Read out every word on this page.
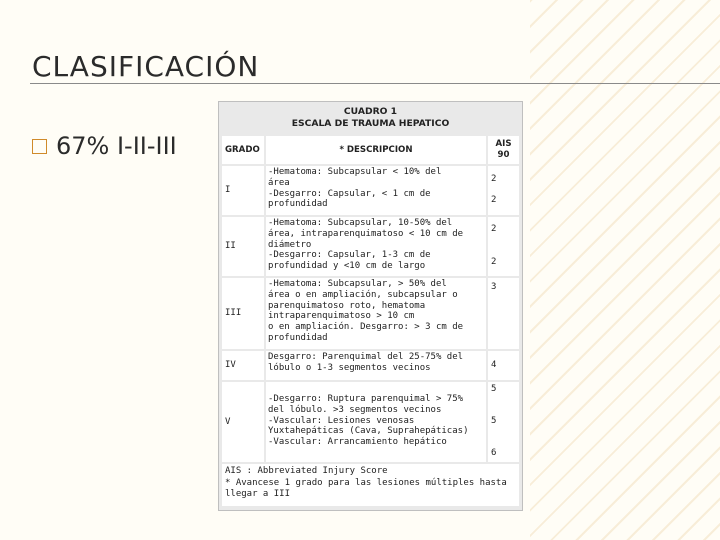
CLASIFICACIÓN
67% I-II-III
CUADRO 1
ESCALA DE TRAUMA HEPATICO
GRADO	* DESCRIPCION
AIS
90
I
-Hematoma: Subcapsular < 10% del
área
-Desgarro: Capsular, < 1 cm de
profundidad

2

2

II
-Hematoma: Subcapsular, 10-50% del
área, intraparenquimatoso < 10 cm de
diámetro
-Desgarro: Capsular, 1-3 cm de
profundidad y <10 cm de largo

2

2

III
-Hematoma: Subcapsular, > 50% del
área o en ampliación, subcapsular o
parenquimatoso roto, hematoma
intraparenquimatoso > 10 cm
o en ampliación. Desgarro: > 3 cm de
profundidad

3

IV
Desgarro: Parenquimal del 25-75% del
lóbulo o 1-3 segmentos vecinos

	4

V
-Desgarro: Ruptura parenquimal > 75%
del lóbulo. >3 segmentos vecinos
-Vascular: Lesiones venosas
Yuxtahepáticas (Cava, Suprahepáticas)
-Vascular: Arrancamiento hepático

5

5

6

AIS : Abbreviated Injury Score
* Avancese 1 grado para las lesiones múltiples hasta
llegar a III
